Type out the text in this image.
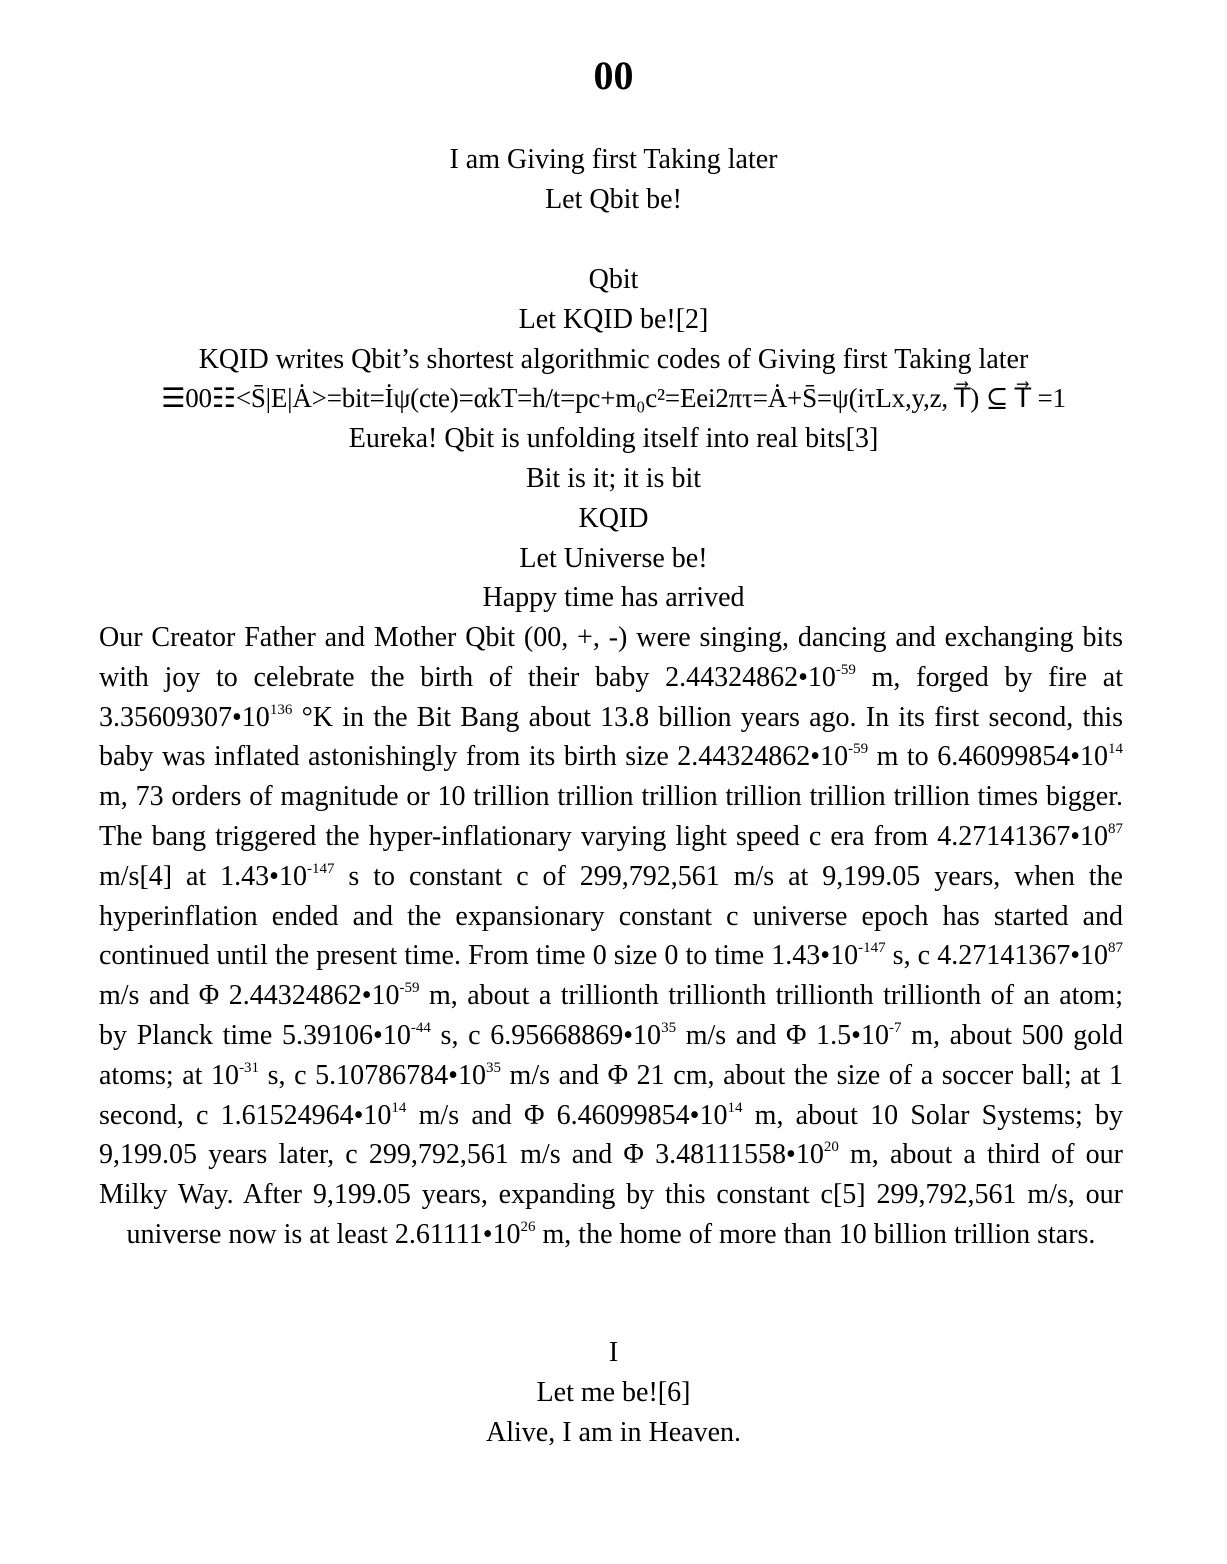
00
I am Giving first Taking later
Let Qbit be!
Qbit
Let KQID be![2]
KQID writes Qbit’s shortest algorithmic codes of Giving first Taking later
☰00☷<S̄|E|Ȧ>=bit=İψ(cte)=αkT=h/t=pc+m₀c²=Eei2πτ=Ȧ+S̄=ψ(iτLx,y,z, T⃗) ⊆ T⃗ =1
Eureka! Qbit is unfolding itself into real bits[3]
Bit is it; it is bit
KQID
Let Universe be!
Happy time has arrived
Our Creator Father and Mother Qbit (00, +, -) were singing, dancing and exchanging bits with joy to celebrate the birth of their baby $2.44324862•10^{-59}$ m, forged by fire at $3.35609307•10^{136}$ °K in the Bit Bang about 13.8 billion years ago. In its first second, this baby was inflated astonishingly from its birth size $2.44324862•10^{-59}$ m to $6.46099854•10^{14}$ m, 73 orders of magnitude or 10 trillion trillion trillion trillion trillion trillion times bigger. The bang triggered the hyper-inflationary varying light speed c era from $4.27141367•10^{87}$ m/s[4] at $1.43•10^{-147}$ s to constant c of 299,792,561 m/s at 9,199.05 years, when the hyperinflation ended and the expansionary constant c universe epoch has started and continued until the present time. From time 0 size 0 to time $1.43•10^{-147}$ s, c $4.27141367•10^{87}$ m/s and Φ $2.44324862•10^{-59}$ m, about a trillionth trillionth trillionth trillionth of an atom; by Planck time $5.39106•10^{-44}$ s, c $6.95668869•10^{35}$ m/s and Φ $1.5•10^{-7}$ m, about 500 gold atoms; at $10^{-31}$ s, c $5.10786784•10^{35}$ m/s and Φ 21 cm, about the size of a soccer ball; at 1 second, c $1.61524964•10^{14}$ m/s and Φ $6.46099854•10^{14}$ m, about 10 Solar Systems; by 9,199.05 years later, c 299,792,561 m/s and Φ $3.48111558•10^{20}$ m, about a third of our Milky Way. After 9,199.05 years, expanding by this constant c[5] 299,792,561 m/s, our universe now is at least $2.61111•10^{26}$ m, the home of more than 10 billion trillion stars.
I
Let me be![6]
Alive, I am in Heaven.
